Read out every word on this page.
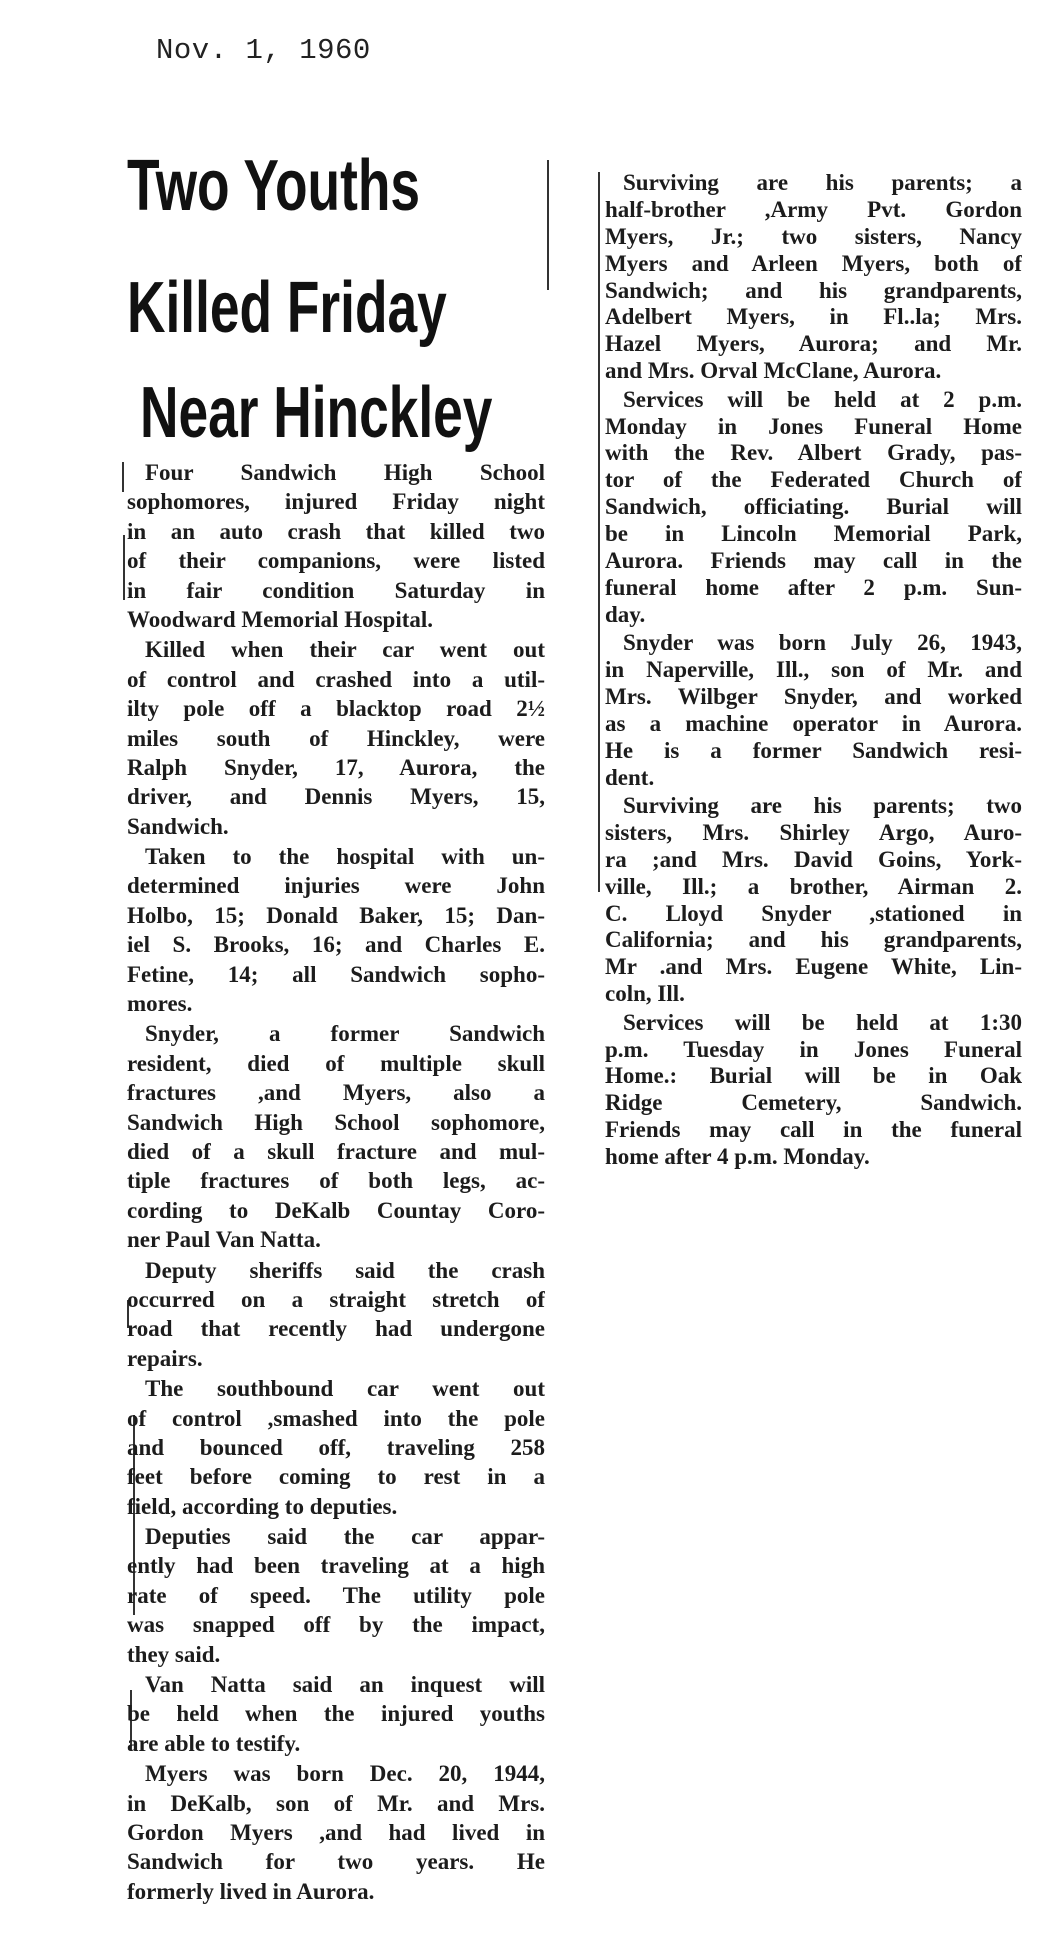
Nov. 1, 1960
Two Youths
Killed Friday
Near Hinckley
Four Sandwich High School
sophomores, injured Friday night
in an auto crash that killed two
of their companions, were listed
in fair condition Saturday in
Woodward Memorial Hospital.
Killed when their car went out
of control and crashed into a util-
ilty pole off a blacktop road 2½
miles south of Hinckley, were
Ralph Snyder, 17, Aurora, the
driver, and Dennis Myers, 15,
Sandwich.
Taken to the hospital with un-
determined injuries were John
Holbo, 15; Donald Baker, 15; Dan-
iel S. Brooks, 16; and Charles E.
Fetine, 14; all Sandwich sopho-
mores.
Snyder, a former Sandwich
resident, died of multiple skull
fractures ,and Myers, also a
Sandwich High School sophomore,
died of a skull fracture and mul-
tiple fractures of both legs, ac-
cording to DeKalb Countay Coro-
ner Paul Van Natta.
Deputy sheriffs said the crash
occurred on a straight stretch of
road that recently had undergone
repairs.
The southbound car went out
of control ,smashed into the pole
and bounced off, traveling 258
feet before coming to rest in a
field, according to deputies.
Deputies said the car appar-
ently had been traveling at a high
rate of speed. The utility pole
was snapped off by the impact,
they said.
Van Natta said an inquest will
be held when the injured youths
are able to testify.
Myers was born Dec. 20, 1944,
in DeKalb, son of Mr. and Mrs.
Gordon Myers ,and had lived in
Sandwich for two years. He
formerly lived in Aurora.
Surviving are his parents; a
half-brother ,Army Pvt. Gordon
Myers, Jr.; two sisters, Nancy
Myers and Arleen Myers, both of
Sandwich; and his grandparents,
Adelbert Myers, in Fl..la; Mrs.
Hazel Myers, Aurora; and Mr.
and Mrs. Orval McClane, Aurora.
Services will be held at 2 p.m.
Monday in Jones Funeral Home
with the Rev. Albert Grady, pas-
tor of the Federated Church of
Sandwich, officiating. Burial will
be in Lincoln Memorial Park,
Aurora. Friends may call in the
funeral home after 2 p.m. Sun-
day.
Snyder was born July 26, 1943,
in Naperville, Ill., son of Mr. and
Mrs. Wilbger Snyder, and worked
as a machine operator in Aurora.
He is a former Sandwich resi-
dent.
Surviving are his parents; two
sisters, Mrs. Shirley Argo, Auro-
ra ;and Mrs. David Goins, York-
ville, Ill.; a brother, Airman 2.
C. Lloyd Snyder ,stationed in
California; and his grandparents,
Mr .and Mrs. Eugene White, Lin-
coln, Ill.
Services will be held at 1:30
p.m. Tuesday in Jones Funeral
Home.: Burial will be in Oak
Ridge Cemetery, Sandwich.
Friends may call in the funeral
home after 4 p.m. Monday.
